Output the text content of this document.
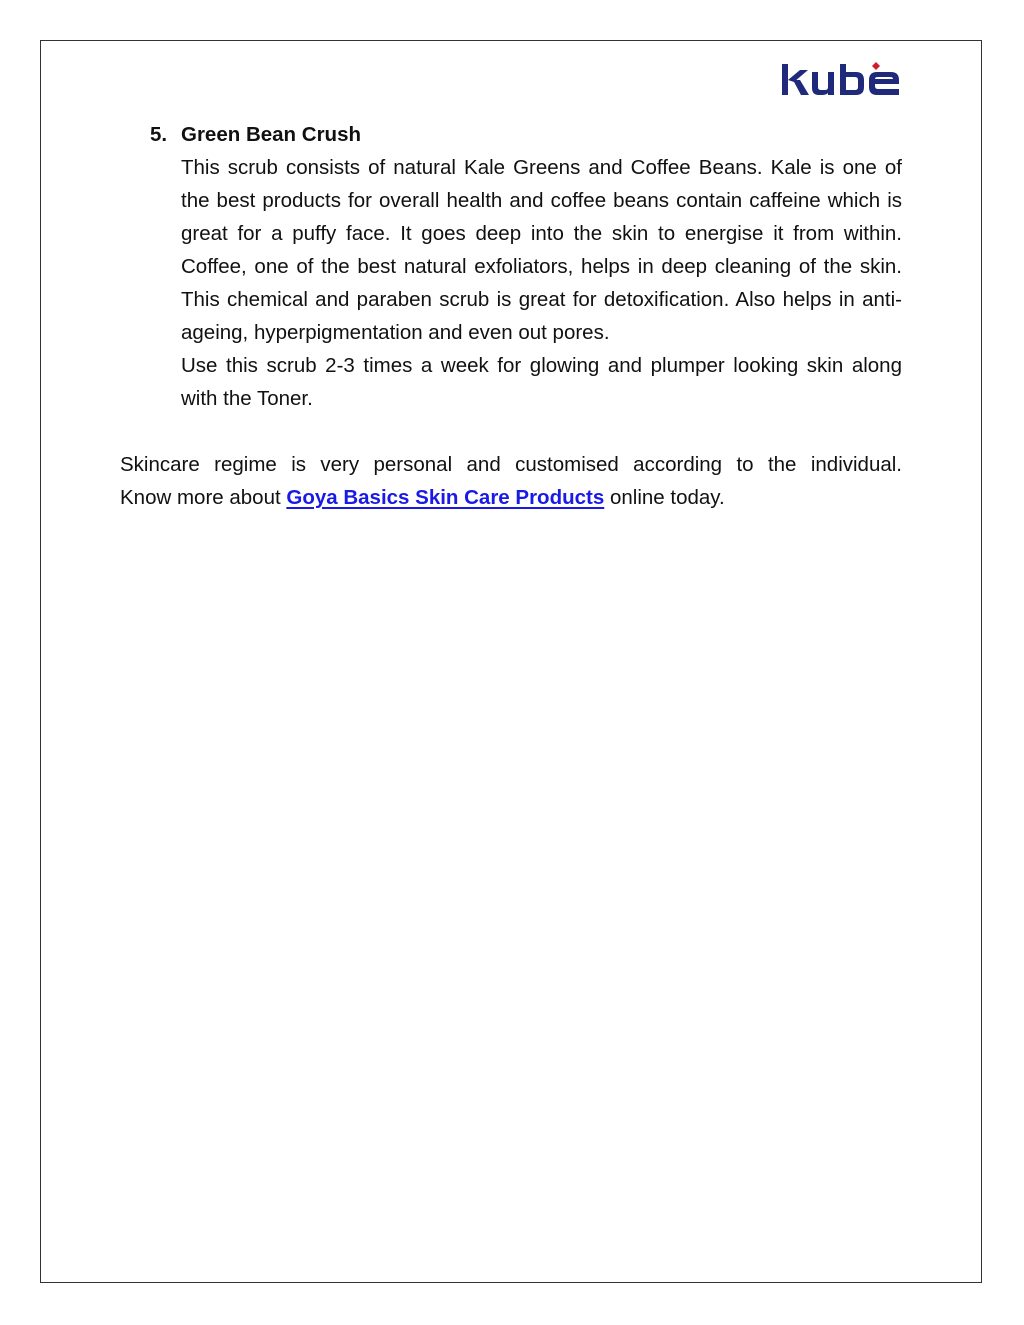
5. Green Bean Crush

This scrub consists of natural Kale Greens and Coffee Beans. Kale is one of the best products for overall health and coffee beans contain caffeine which is great for a puffy face. It goes deep into the skin to energise it from within. Coffee, one of the best natural exfoliators, helps in deep cleaning of the skin. This chemical and paraben scrub is great for detoxification. Also helps in anti-ageing, hyperpigmentation and even out pores.

Use this scrub 2-3 times a week for glowing and plumper looking skin along with the Toner.

Skincare regime is very personal and customised according to the individual.

Know more about Goya Basics Skin Care Products online today.
